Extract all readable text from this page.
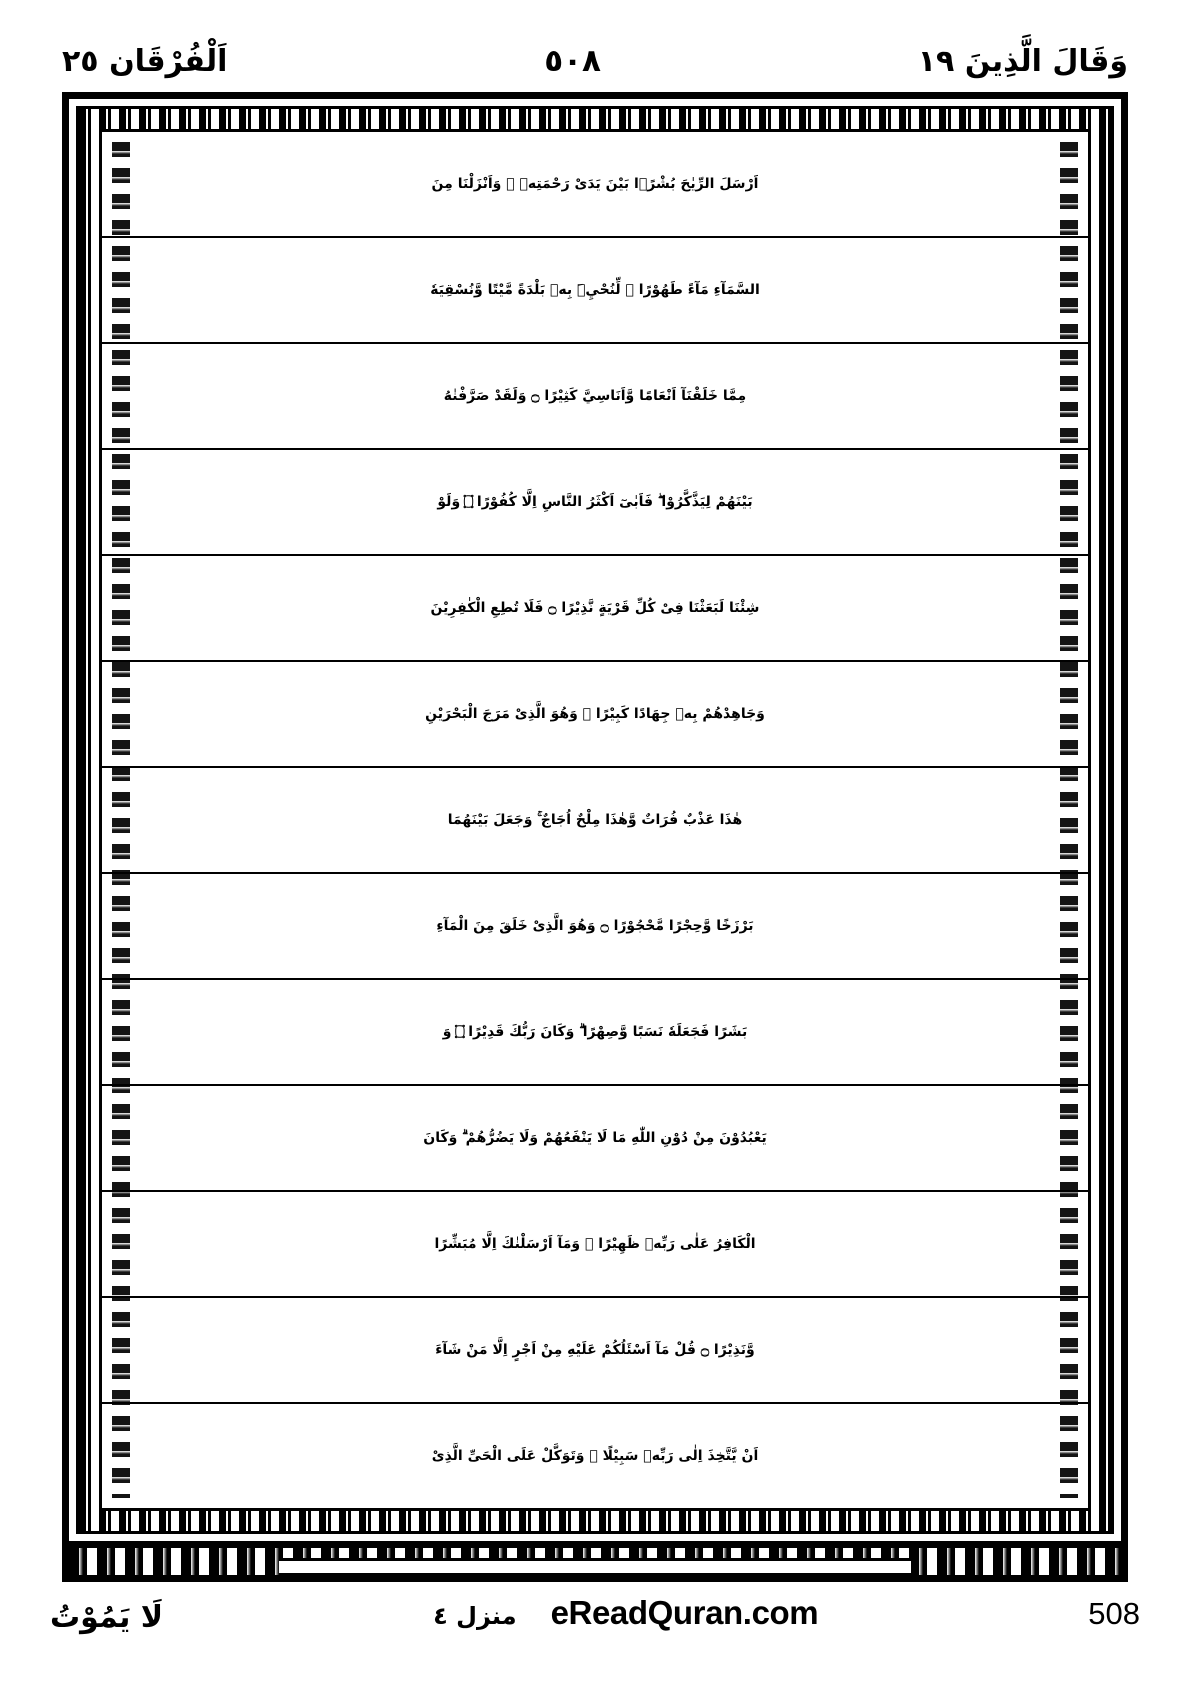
وَقَالَ الَّذِينَ ١٩
٥٠٨
اَلْفُرْقَان ٢٥
اَرْسَلَ الرِّيٰحَ بُشْرًۢا بَيْنَ يَدَىْ رَحْمَتِهٖ ۚ وَاَنْزَلْنَا مِنَ
السَّمَآءِ مَآءً طَهُوْرًا ۙ لِّنُحْيِۦَ بِهٖ بَلْدَةً مَّيْتًا وَّنُسْقِيَهٗ
مِمَّا خَلَقْنَآ اَنْعَامًا وَّاَنَاسِيَّ كَثِيْرًا ۝ وَلَقَدْ صَرَّفْنٰهُ
بَيْنَهُمْ لِيَذَّكَّرُوْا ۖ فَاَبٰىٓ اَكْثَرُ النَّاسِ اِلَّا كُفُوْرًا ۝ وَلَوْ
شِئْنَا لَبَعَثْنَا فِىْ كُلِّ قَرْيَةٍ نَّذِيْرًا ۝ فَلَا تُطِعِ الْكٰفِرِيْنَ
وَجَاهِدْهُمْ بِهٖ جِهَادًا كَبِيْرًا ۝ وَهُوَ الَّذِىْ مَرَجَ الْبَحْرَيْنِ
هٰذَا عَذْبٌ فُرَاتٌ وَّهٰذَا مِلْحٌ اُجَاجٌ ۚ وَجَعَلَ بَيْنَهُمَا
بَرْزَخًا وَّحِجْرًا مَّحْجُوْرًا ۝ وَهُوَ الَّذِىْ خَلَقَ مِنَ الْمَآءِ
بَشَرًا فَجَعَلَهٗ نَسَبًا وَّصِهْرًا ۗ وَكَانَ رَبُّكَ قَدِيْرًا ۝ وَ
يَعْبُدُوْنَ مِنْ دُوْنِ اللّٰهِ مَا لَا يَنْفَعُهُمْ وَلَا يَضُرُّهُمْ ۗ وَكَانَ
الْكَافِرُ عَلٰى رَبِّهٖ ظَهِيْرًا ۝ وَمَآ اَرْسَلْنٰكَ اِلَّا مُبَشِّرًا
وَّنَذِيْرًا ۝ قُلْ مَآ اَسْئَلُكُمْ عَلَيْهِ مِنْ اَجْرٍ اِلَّا مَنْ شَآءَ
اَنْ يَّتَّخِذَ اِلٰى رَبِّهٖ سَبِيْلًا ۝ وَتَوَكَّلْ عَلَى الْحَىِّ الَّذِىْ
لَا يَمُوْتُ	منزل ٤ eReadQuran.com	508
